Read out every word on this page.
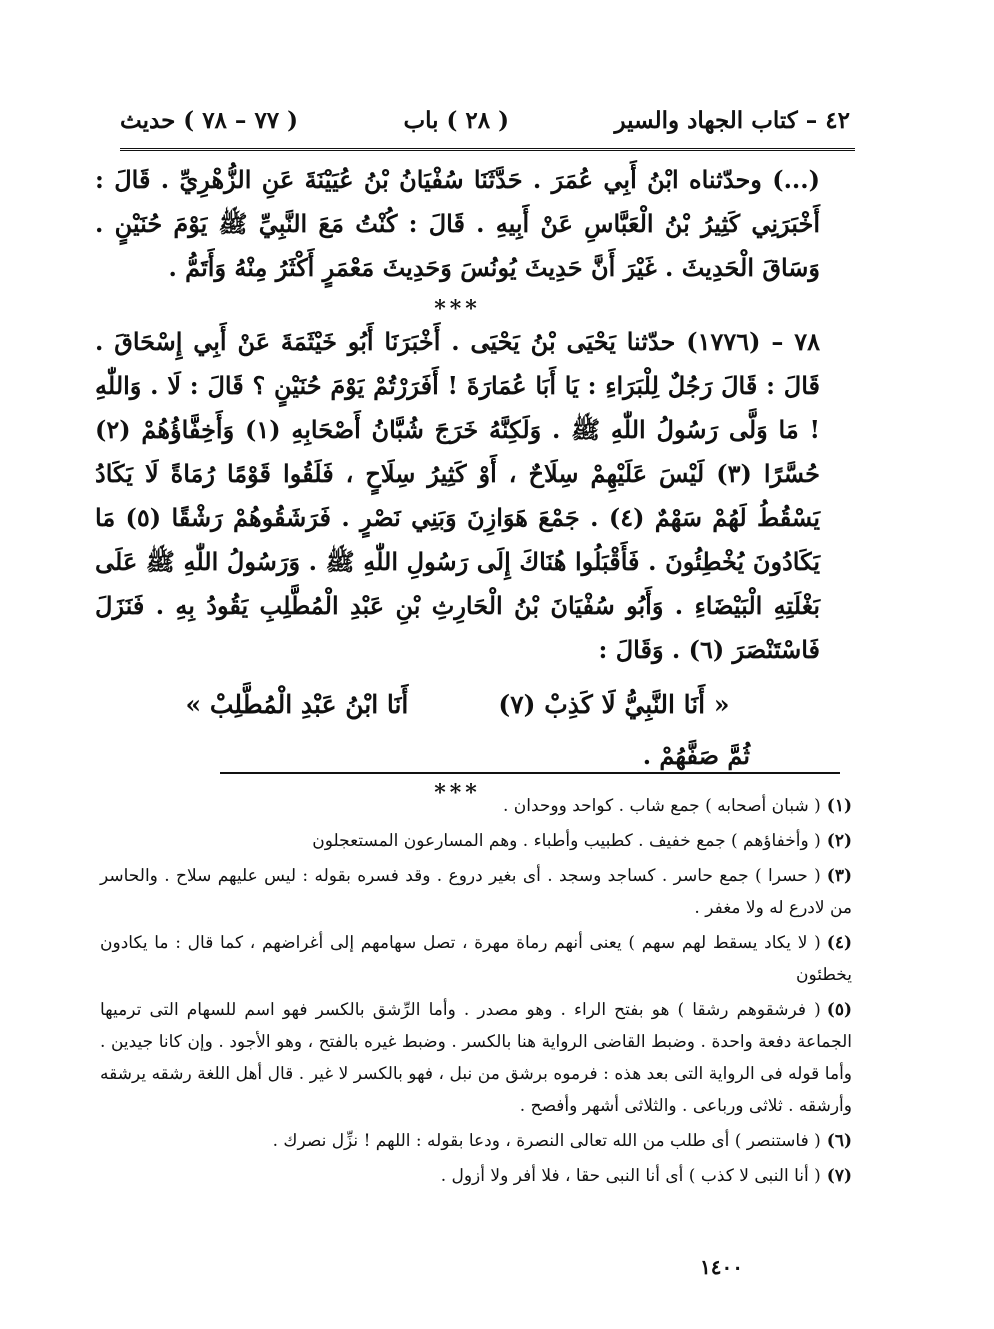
٤٢ – كتاب الجهاد والسير
( ٢٨ ) باب
( ٧٧ – ٧٨ ) حديث

(...) وحدّثناه ابْنُ أَبِي عُمَرَ . حَدَّثَنَا سُفْيَانُ بْنُ عُيَيْنَةَ عَنِ الزُّهْرِيِّ . قَالَ : أَخْبَرَنِي كَثِيرُ بْنُ الْعَبَّاسِ عَنْ أَبِيهِ . قَالَ : كُنْتُ مَعَ النَّبِيِّ ﷺ يَوْمَ حُنَيْنٍ . وَسَاقَ الْحَدِيثَ . غَيْرَ أَنَّ حَدِيثَ يُونُسَ وَحَدِيثَ مَعْمَرٍ أَكْثَرُ مِنْهُ وَأَتَمُّ .

***

٧٨ – (١٧٧٦) حدّثنا يَحْيَى بْنُ يَحْيَى . أَخْبَرَنَا أَبُو خَيْثَمَةَ عَنْ أَبِي إِسْحَاقَ . قَالَ : قَالَ رَجُلٌ لِلْبَرَاءِ : يَا أَبَا عُمَارَةَ ! أَفَرَرْتُمْ يَوْمَ حُنَيْنٍ ؟ قَالَ : لَا . وَاللّٰهِ ! مَا وَلَّى رَسُولُ اللّٰهِ ﷺ . وَلَكِنَّهُ خَرَجَ شُبَّانُ أَصْحَابِهِ (١) وَأَخِفَّاؤُهُمْ (٢) حُسَّرًا (٣) لَيْسَ عَلَيْهِمْ سِلَاحٌ ، أَوْ كَثِيرُ سِلَاحٍ ، فَلَقُوا قَوْمًا رُمَاةً لَا يَكَادُ يَسْقُطُ لَهُمْ سَهْمٌ (٤) . جَمْعَ هَوَازِنَ وَبَنِي نَصْرٍ . فَرَشَقُوهُمْ رَشْقًا (٥) مَا يَكَادُونَ يُخْطِئُونَ . فَأَقْبَلُوا هُنَاكَ إِلَى رَسُولِ اللّٰهِ ﷺ . وَرَسُولُ اللّٰهِ ﷺ عَلَى بَغْلَتِهِ الْبَيْضَاءِ . وَأَبُو سُفْيَانَ بْنُ الْحَارِثِ بْنِ عَبْدِ الْمُطَّلِبِ يَقُودُ بِهِ . فَنَزَلَ فَاسْتَنْصَرَ (٦) . وَقَالَ :

« أَنَا النَّبِيُّ لَا كَذِبْ (٧)
أَنَا ابْنُ عَبْدِ الْمُطَّلِبْ »

ثُمَّ صَفَّهُمْ .

***	(١)( شبان أصحابه ) جمع شاب . كواحد ووحدان .

(٢)( وأخفاؤهم ) جمع خفيف . كطبيب وأطباء . وهم المسارعون المستعجلون

(٣)( حسرا ) جمع حاسر . كساجد وسجد . أى بغير دروع . وقد فسره بقوله : ليس عليهم سلاح . والحاسر من لادرع له ولا مغفر .

(٤)( لا يكاد يسقط لهم سهم ) يعنى أنهم رماة مهرة ، تصل سهامهم إلى أغراضهم ، كما قال : ما يكادون يخطئون

(٥)( فرشقوهم رشقا ) هو بفتح الراء . وهو مصدر . وأما الرِّشق بالكسر فهو اسم للسهام التى ترميها الجماعة دفعة واحدة . وضبط القاضى الرواية هنا بالكسر . وضبط غيره بالفتح ، وهو الأجود . وإن كانا جيدين . وأما قوله فى الرواية التى بعد هذه : فرموه برشق من نبل ، فهو بالكسر لا غير . قال أهل اللغة رشقه يرشقه وأرشقه . ثلاثى ورباعى . والثلاثى أشهر وأفصح .

(٦)( فاستنصر ) أى طلب من الله تعالى النصرة ، ودعا بقوله : اللهم ! نزِّل نصرك .

(٧)( أنا النبى لا كذب ) أى أنا النبى حقا ، فلا أفر ولا أزول .

١٤٠٠
